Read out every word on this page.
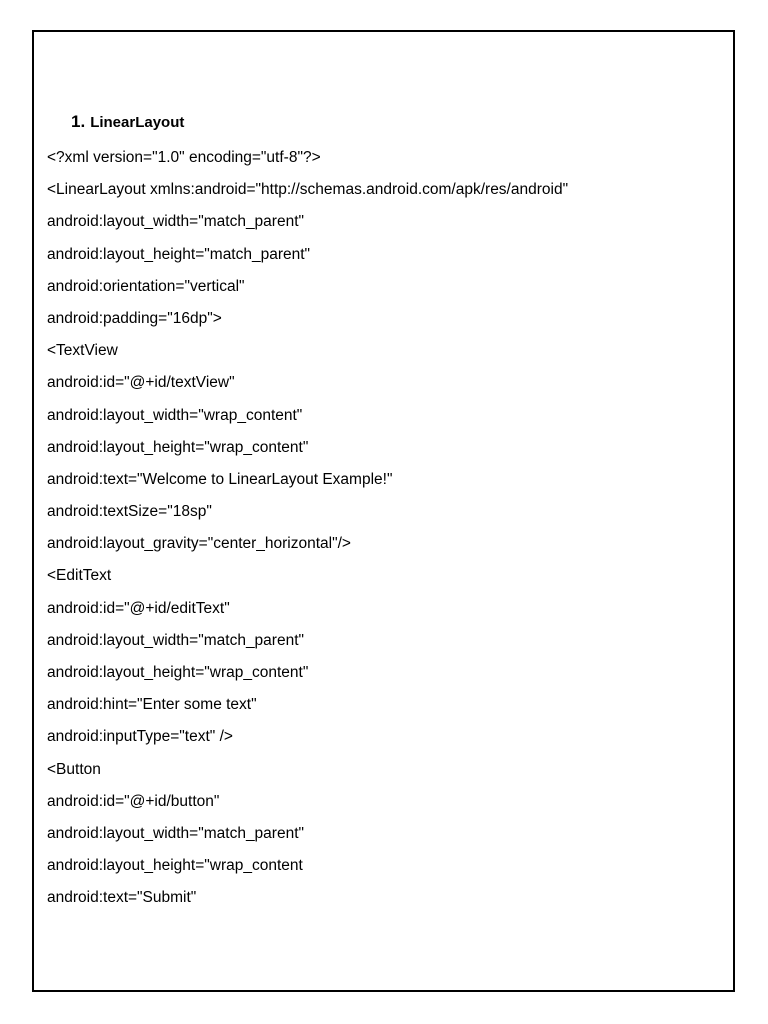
1. LinearLayout
<?xml version="1.0" encoding="utf-8"?>
<LinearLayout xmlns:android="http://schemas.android.com/apk/res/android"
android:layout_width="match_parent"
android:layout_height="match_parent"
android:orientation="vertical"
android:padding="16dp">
<TextView
android:id="@+id/textView"
android:layout_width="wrap_content"
android:layout_height="wrap_content"
android:text="Welcome to LinearLayout Example!"
android:textSize="18sp"
android:layout_gravity="center_horizontal"/>
<EditText
android:id="@+id/editText"
android:layout_width="match_parent"
android:layout_height="wrap_content"
android:hint="Enter some text"
android:inputType="text" />
<Button
android:id="@+id/button"
android:layout_width="match_parent"
android:layout_height="wrap_content
android:text="Submit"
